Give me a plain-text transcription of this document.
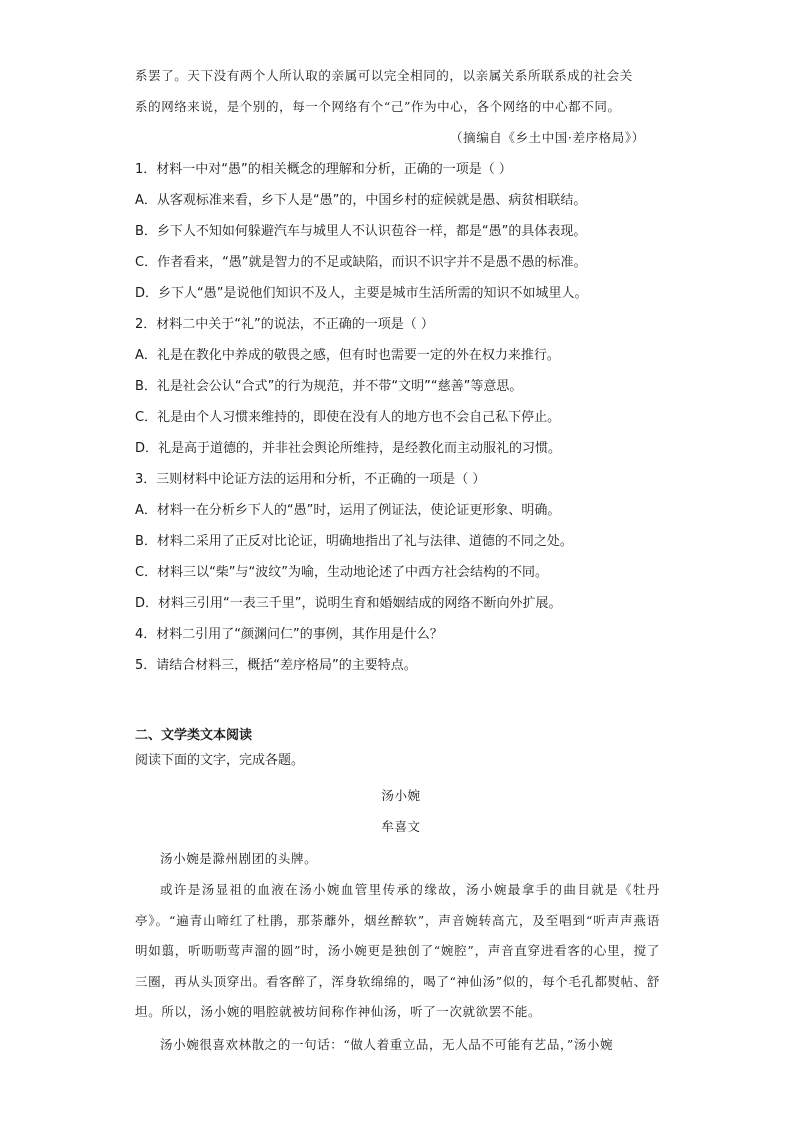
系罢了。天下没有两个人所认取的亲属可以完全相同的，以亲属关系所联系成的社会关
系的网络来说，是个别的，每一个网络有个“己”作为中心，各个网络的中心都不同。
（摘编自《乡土中国·差序格局》）
1．材料一中对“愚”的相关概念的理解和分析，正确的一项是（ ）
A．从客观标准来看，乡下人是“愚”的，中国乡村的症候就是愚、病贫相联结。
B．乡下人不知如何躲避汽车与城里人不认识苞谷一样，都是“愚”的具体表现。
C．作者看来，“愚”就是智力的不足或缺陷，而识不识字并不是愚不愚的标准。
D．乡下人“愚”是说他们知识不及人，主要是城市生活所需的知识不如城里人。
2．材料二中关于“礼”的说法，不正确的一项是（ ）
A．礼是在教化中养成的敬畏之感，但有时也需要一定的外在权力来推行。
B．礼是社会公认“合式”的行为规范，并不带“文明”“慈善”等意思。
C．礼是由个人习惯来维持的，即使在没有人的地方也不会自己私下停止。
D．礼是高于道德的，并非社会舆论所维持，是经教化而主动服礼的习惯。
3．三则材料中论证方法的运用和分析，不正确的一项是（ ）
A．材料一在分析乡下人的“愚”时，运用了例证法，使论证更形象、明确。
B．材料二采用了正反对比论证，明确地指出了礼与法律、道德的不同之处。
C．材料三以“柴”与“波纹”为喻，生动地论述了中西方社会结构的不同。
D．材料三引用“一表三千里”，说明生育和婚姻结成的网络不断向外扩展。
4．材料二引用了“颜渊问仁”的事例，其作用是什么？
5．请结合材料三，概括“差序格局”的主要特点。
二、文学类文本阅读
阅读下面的文字，完成各题。
汤小婉
牟喜文
汤小婉是滁州剧团的头牌。
或许是汤显祖的血液在汤小婉血管里传承的缘故，汤小婉最拿手的曲目就是《牡丹亭》。“遍青山啼红了杜鹃，那荼蘼外，烟丝醉软”，声音婉转高亢，及至唱到“听声声燕语明如翦，听呖呖莺声溜的圆”时，汤小婉更是独创了“婉腔”，声音直穿进看客的心里，搅了三圈，再从头顶穿出。看客醉了，浑身软绵绵的，喝了“神仙汤”似的，每个毛孔都熨帖、舒坦。所以，汤小婉的唱腔就被坊间称作神仙汤，听了一次就欲罢不能。
汤小婉很喜欢林散之的一句话：“做人着重立品，无人品不可能有艺品，”汤小婉
